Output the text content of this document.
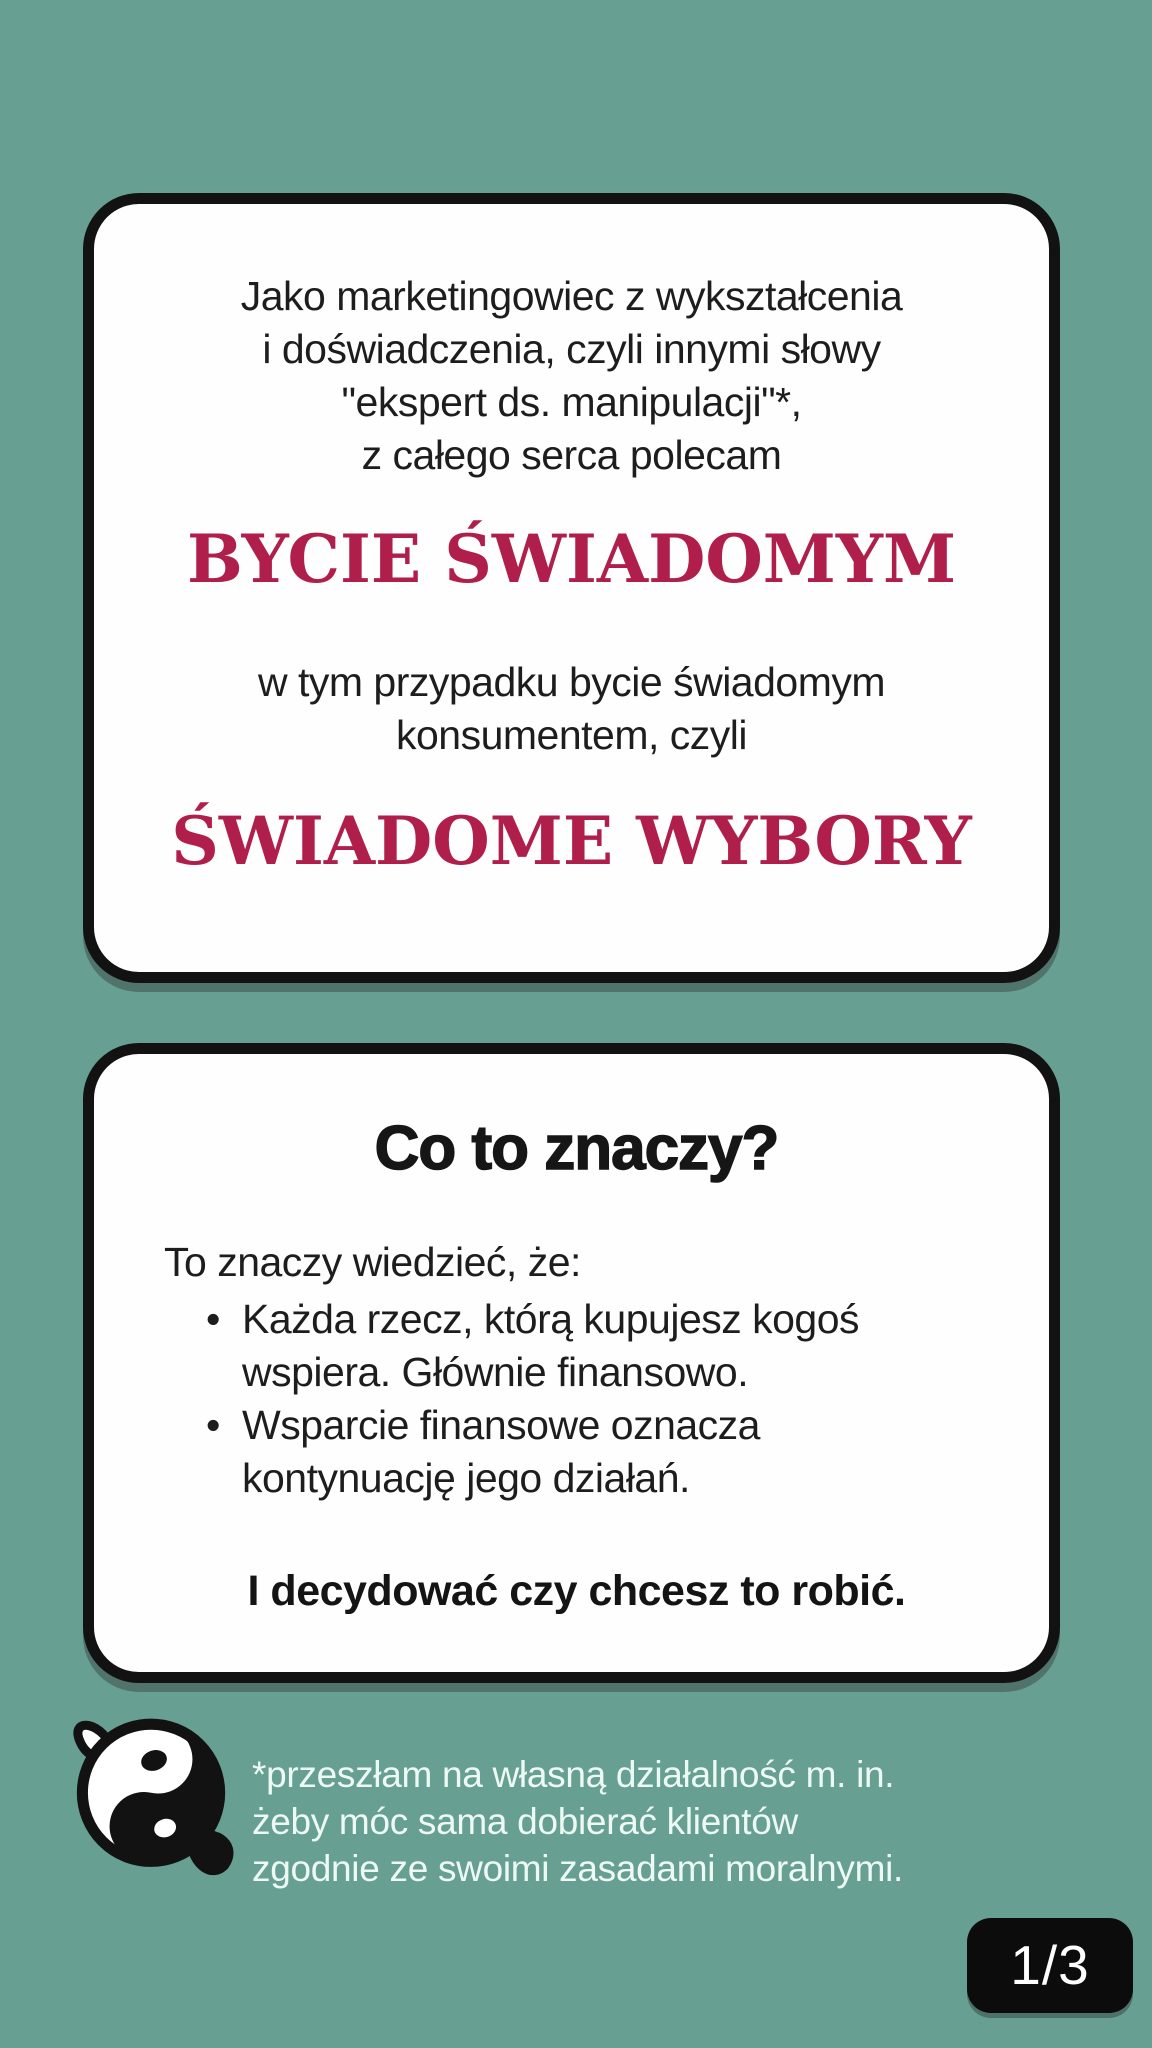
Jako marketingowiec z wykształcenia
i doświadczenia, czyli innymi słowy
"ekspert ds. manipulacji"*,
z całego serca polecam

BYCIE ŚWIADOMYM

w tym przypadku bycie świadomym
konsumentem, czyli

ŚWIADOME WYBORY
Co to znaczy?

To znaczy wiedzieć, że:

• Każda rzecz, którą kupujesz kogoś wspiera. Głównie finansowo.
• Wsparcie finansowe oznacza kontynuację jego działań.

I decydować czy chcesz to robić.

*przeszłam na własną działalność m. in.
żeby móc sama dobierać klientów
zgodnie ze swoimi zasadami moralnymi.

1/3
